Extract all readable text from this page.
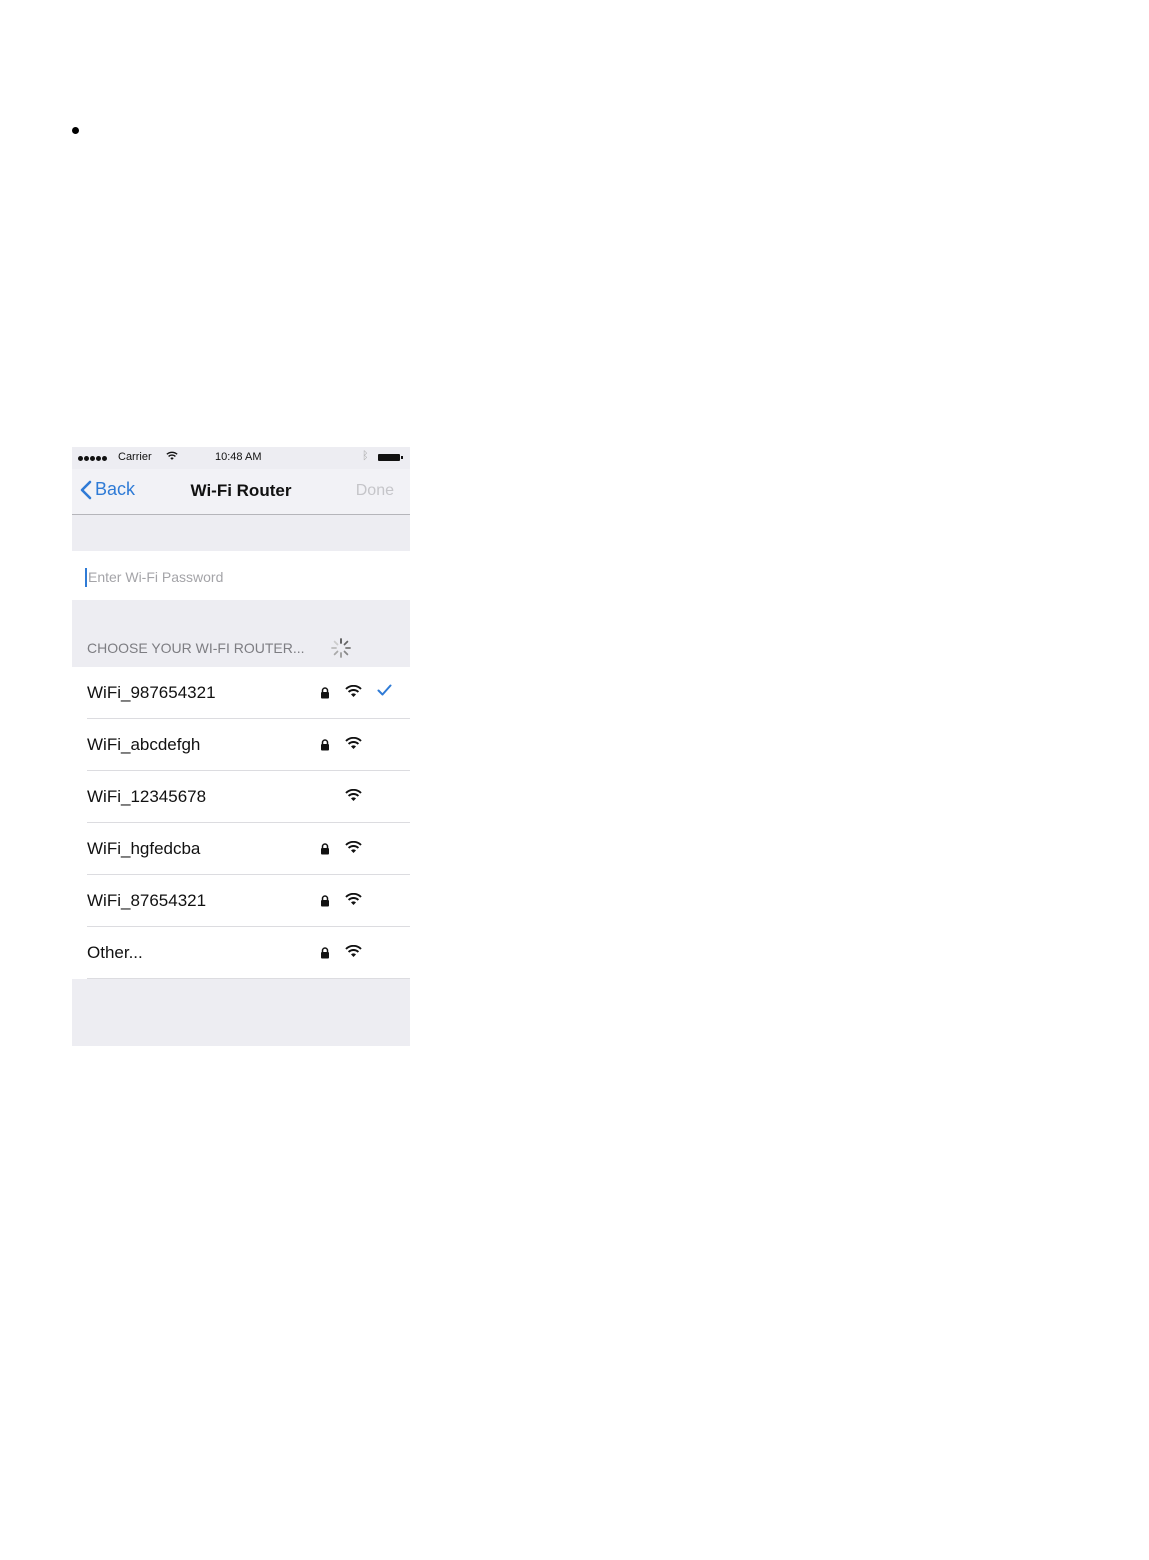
Carrier	10:48 AM	ᛒ
Back	Wi-Fi Router	Done
CHOOSE YOUR WI-FI ROUTER...
WiFi_987654321
WiFi_abcdefgh
WiFi_12345678
WiFi_hgfedcba
WiFi_87654321
Other...
